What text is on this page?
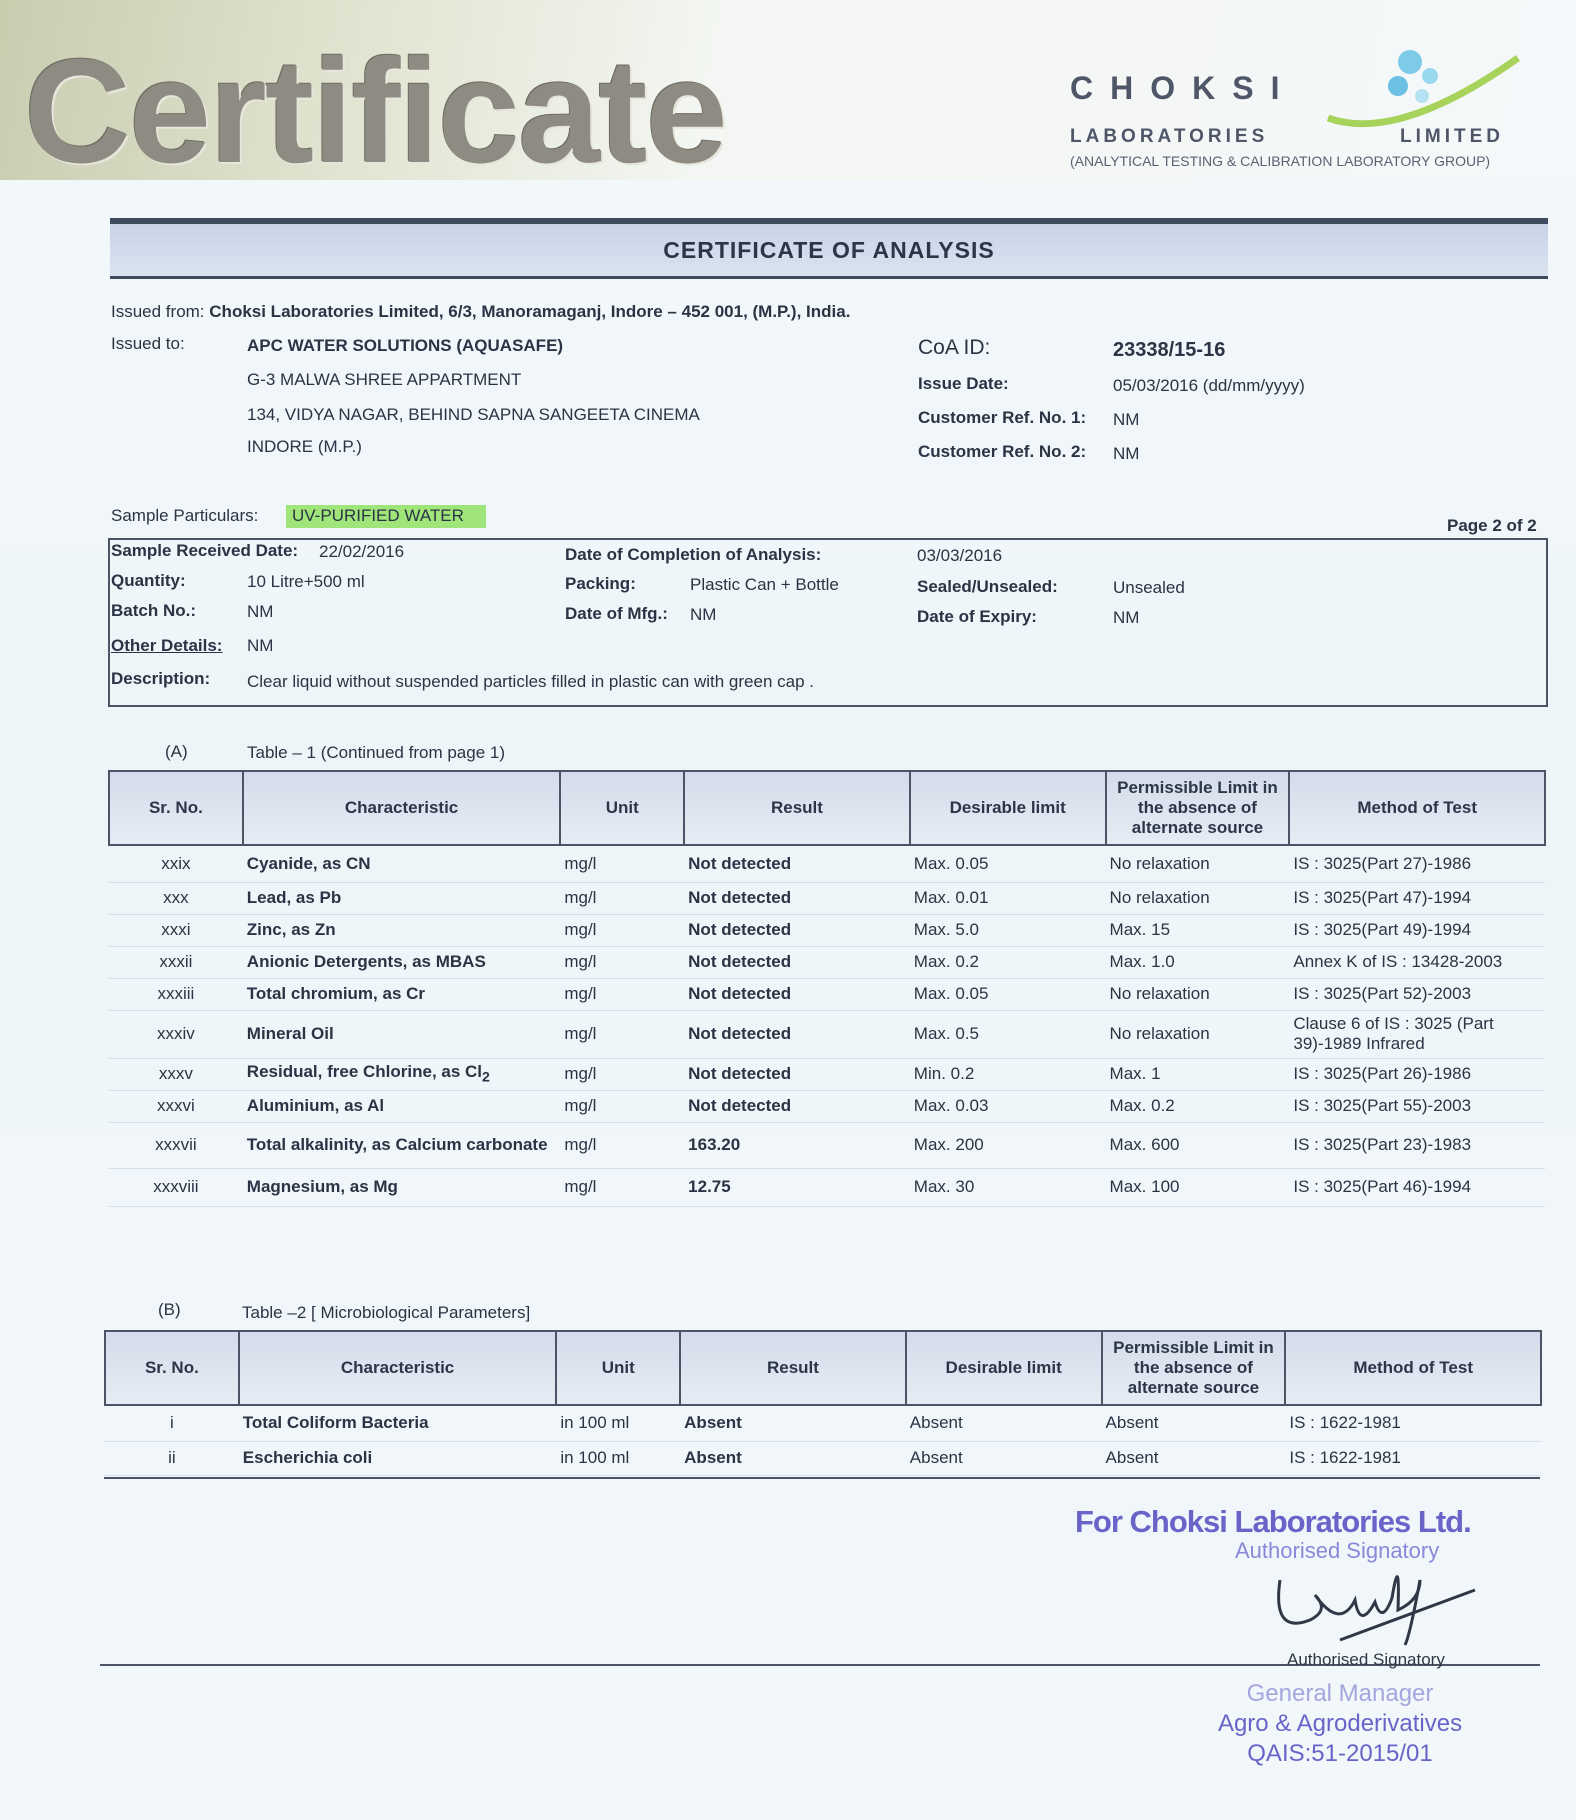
Certificate	CHOKSI
LABORATORIES	LIMITED
(ANALYTICAL TESTING & CALIBRATION LABORATORY GROUP)
CERTIFICATE OF ANALYSIS
Issued from: Choksi Laboratories Limited, 6/3, Manoramaganj, Indore – 452 001, (M.P.), India.
Issued to:	APC WATER SOLUTIONS (AQUASAFE)
G-3 MALWA SHREE APPARTMENT
134, VIDYA NAGAR, BEHIND SAPNA SANGEETA CINEMA
INDORE (M.P.)
CoA ID:	23338/15-16
Issue Date:	05/03/2016 (dd/mm/yyyy)
Customer Ref. No. 1: NM
Customer Ref. No. 2: NM
Sample Particulars:	UV-PURIFIED WATER
Page 2 of 2
Sample Received Date: 22/02/2016	Date of Completion of Analysis:	03/03/2016
Quantity:	10 Litre+500 ml	Packing:	Plastic Can + Bottle	Sealed/Unsealed:	Unsealed
Batch No.:	NM	Date of Mfg.: NM	Date of Expiry:	NM
Other Details: NM
Description: Clear liquid without suspended particles filled in plastic can with green cap .
(A)	Table – 1 (Continued from page 1)
Sr. No.	Characteristic	Unit	Result	Desirable limit	Permissible Limit in the absence of alternate source	Method of Test
xxix	Cyanide, as CN	mg/l	Not detected	Max. 0.05	No relaxation	IS : 3025(Part 27)-1986
xxx	Lead, as Pb	mg/l	Not detected	Max. 0.01	No relaxation	IS : 3025(Part 47)-1994
xxxi	Zinc, as Zn	mg/l	Not detected	Max. 5.0	Max. 15	IS : 3025(Part 49)-1994
xxxii	Anionic Detergents, as MBAS	mg/l	Not detected	Max. 0.2	Max. 1.0	Annex K of IS : 13428-2003
xxxiii	Total chromium, as Cr	mg/l	Not detected	Max. 0.05	No relaxation	IS : 3025(Part 52)-2003
xxxiv	Mineral Oil	mg/l	Not detected	Max. 0.5	No relaxation	Clause 6 of IS : 3025 (Part 39)-1989 Infrared
xxxv	Residual, free Chlorine, as $Cl_2$	mg/l	Not detected	Min. 0.2	Max. 1	IS : 3025(Part 26)-1986
xxxvi	Aluminium, as Al	mg/l	Not detected	Max. 0.03	Max. 0.2	IS : 3025(Part 55)-2003
xxxvii	Total alkalinity, as Calcium carbonate	mg/l	163.20	Max. 200	Max. 600	IS : 3025(Part 23)-1983
xxxviii	Magnesium, as Mg	mg/l	12.75	Max. 30	Max. 100	IS : 3025(Part 46)-1994
(B)	Table –2 [ Microbiological Parameters]
Sr. No.	Characteristic	Unit	Result	Desirable limit	Permissible Limit in the absence of alternate source	Method of Test
i	Total Coliform Bacteria	in 100 ml	Absent	Absent	Absent	IS : 1622-1981
ii	Escherichia coli	in 100 ml	Absent	Absent	Absent	IS : 1622-1981
For Choksi Laboratories Ltd.
Authorised Signatory
Authorised Signatory
General Manager
Agro & Agroderivatives
QAIS:51-2015/01
